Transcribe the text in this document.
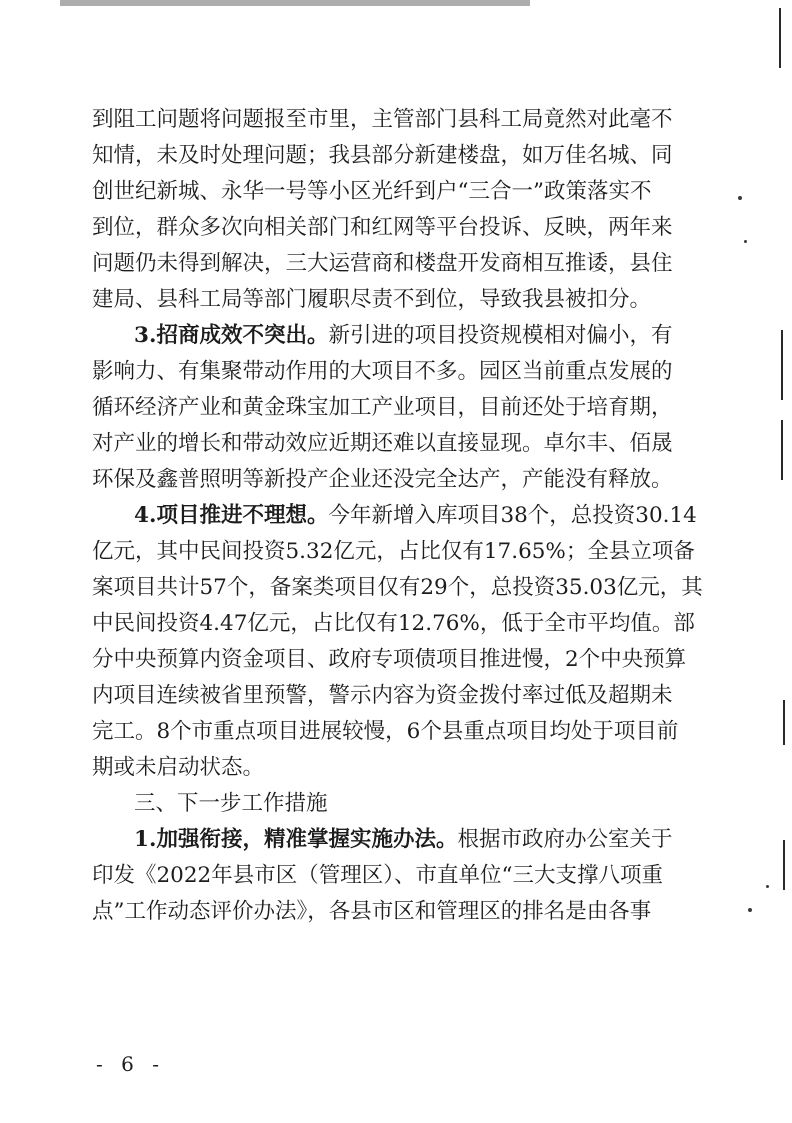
到阻工问题将问题报至市里，主管部门县科工局竟然对此毫不
知情，未及时处理问题；我县部分新建楼盘，如万佳名城、同
创世纪新城、永华一号等小区光纤到户“三合一”政策落实不
到位，群众多次向相关部门和红网等平台投诉、反映，两年来
问题仍未得到解决，三大运营商和楼盘开发商相互推诿，县住
建局、县科工局等部门履职尽责不到位，导致我县被扣分。
3.招商成效不突出。新引进的项目投资规模相对偏小，有
影响力、有集聚带动作用的大项目不多。园区当前重点发展的
循环经济产业和黄金珠宝加工产业项目，目前还处于培育期，
对产业的增长和带动效应近期还难以直接显现。卓尔丰、佰晟
环保及鑫普照明等新投产企业还没完全达产，产能没有释放。
4.项目推进不理想。今年新增入库项目38个，总投资30.14
亿元，其中民间投资5.32亿元，占比仅有17.65%；全县立项备
案项目共计57个，备案类项目仅有29个，总投资35.03亿元，其
中民间投资4.47亿元，占比仅有12.76%，低于全市平均值。部
分中央预算内资金项目、政府专项债项目推进慢，2个中央预算
内项目连续被省里预警，警示内容为资金拨付率过低及超期未
完工。8个市重点项目进展较慢，6个县重点项目均处于项目前
期或未启动状态。
三、下一步工作措施
1.加强衔接，精准掌握实施办法。根据市政府办公室关于
印发《2022年县市区（管理区）、市直单位“三大支撑八项重
点”工作动态评价办法》，各县市区和管理区的排名是由各事
- 6 -
